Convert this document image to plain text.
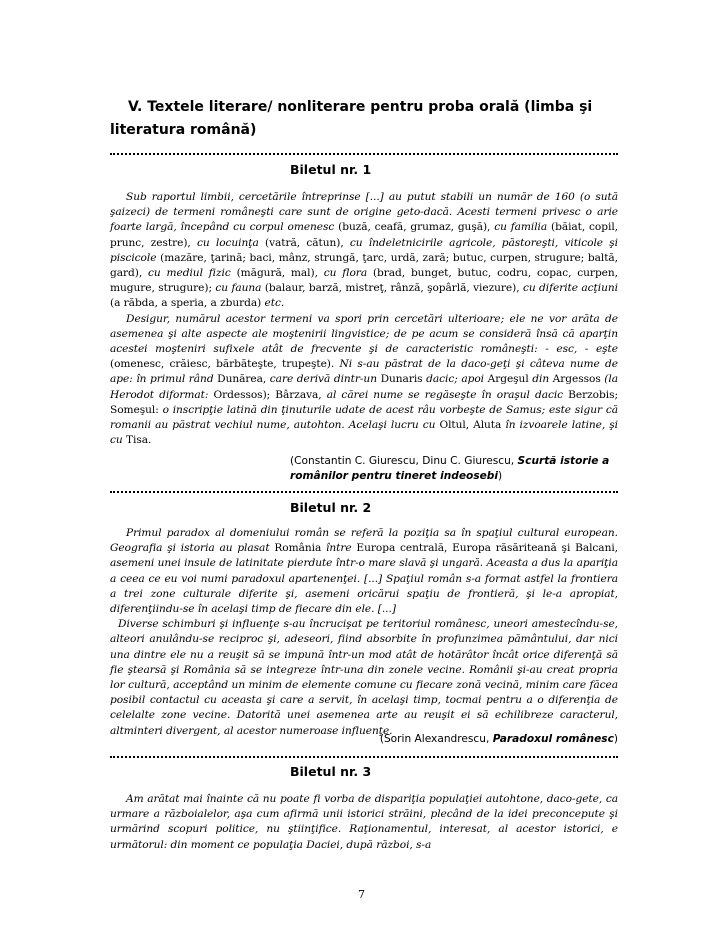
V. Textele literare/ nonliterare pentru proba orală (limba şi literatura română)
Biletul nr. 1

Sub raportul limbii, cercetările întreprinse [...] au putut stabili un număr de 160 (o sută şaizeci) de termeni româneşti care sunt de origine geto-dacă. Acesti termeni privesc o arie foarte largă, începând cu corpul omenesc (buză, ceafă, grumaz, guşă), cu familia (băiat, copil, prunc, zestre), cu locuinţa (vatră, cătun), cu îndeletnicirile agricole, păstoreşti, viticole şi piscicole (mazăre, ţarină; baci, mânz, strungă, ţarc, urdă, zară; butuc, curpen, strugure; baltă, gard), cu mediul fizic (măgură, mal), cu flora (brad, bunget, butuc, codru, copac, curpen, mugure, strugure); cu fauna (balaur, barză, mistreţ, rânză, şopârlă, viezure), cu diferite acţiuni (a răbda, a speria, a zburda) etc.

Desigur, numărul acestor termeni va spori prin cercetări ulterioare; ele ne vor arăta de asemenea şi alte aspecte ale moştenirii lingvistice; de pe acum se consideră însă că aparţin acestei moşteniri sufixele atât de frecvente şi de caracteristic româneşti: - esc, - eşte (omenesc, crăiesc, bărbăteşte, trupeşte). Ni s-au păstrat de la daco-geţi şi câteva nume de ape: în primul rând Dunărea, care derivă dintr-un Dunaris dacic; apoi Argeşul din Argessos (la Herodot diformat: Ordessos); Bârzava, al cărei nume se regăseşte în oraşul dacic Berzobis; Someşul: o inscripţie latină din ţinuturile udate de acest râu vorbeşte de Samus; este sigur că romanii au păstrat vechiul nume, autohton. Acelaşi lucru cu Oltul, Aluta în izvoarele latine, şi cu Tisa.

(Constantin C. Giurescu, Dinu C. Giurescu, Scurtă istorie a românilor pentru tineret indeosebi)
Biletul nr. 2

Primul paradox al domeniului român se referă la poziţia sa în spaţiul cultural european. Geografia şi istoria au plasat România între Europa centrală, Europa răsăriteană şi Balcani, asemeni unei insule de latinitate pierdute într-o mare slavă şi ungară. Aceasta a dus la apariţia a ceea ce eu voi numi paradoxul apartenenţei. [...] Spaţiul român s-a format astfel la frontiera a trei zone culturale diferite şi, asemeni oricărui spaţiu de frontieră, şi le-a apropiat, diferenţiindu-se în acelaşi timp de fiecare din ele. [...]

Diverse schimburi şi influenţe s-au încrucişat pe teritoriul românesc, uneori amestecîndu-se, alteori anulându-se reciproc şi, adeseori, fiind absorbite în profunzimea pământului, dar nici una dintre ele nu a reuşit să se impună într-un mod atât de hotărâtor încât orice diferenţă să fie ştearsă şi România să se integreze într-una din zonele vecine. Românii şi-au creat propria lor cultură, acceptând un minim de elemente comune cu fiecare zonă vecină, minim care făcea posibil contactul cu aceasta şi care a servit, în acelaşi timp, tocmai pentru a o diferenţia de celelalte zone vecine. Datorită unei asemenea arte au reuşit ei să echilibreze caracterul, altminteri divergent, al acestor numeroase influenţe.

(Sorin Alexandrescu, Paradoxul românesc)
Biletul nr. 3

Am arătat mai înainte că nu poate fi vorba de dispariţia populaţiei autohtone, daco-gete, ca urmare a războialelor, aşa cum afirmă unii istorici străini, plecând de la idei preconcepute şi urmărind scopuri politice, nu ştiinţifice. Raţionamentul, interesat, al acestor istorici, e următorul: din moment ce populaţia Daciei, după război, s-a

7
